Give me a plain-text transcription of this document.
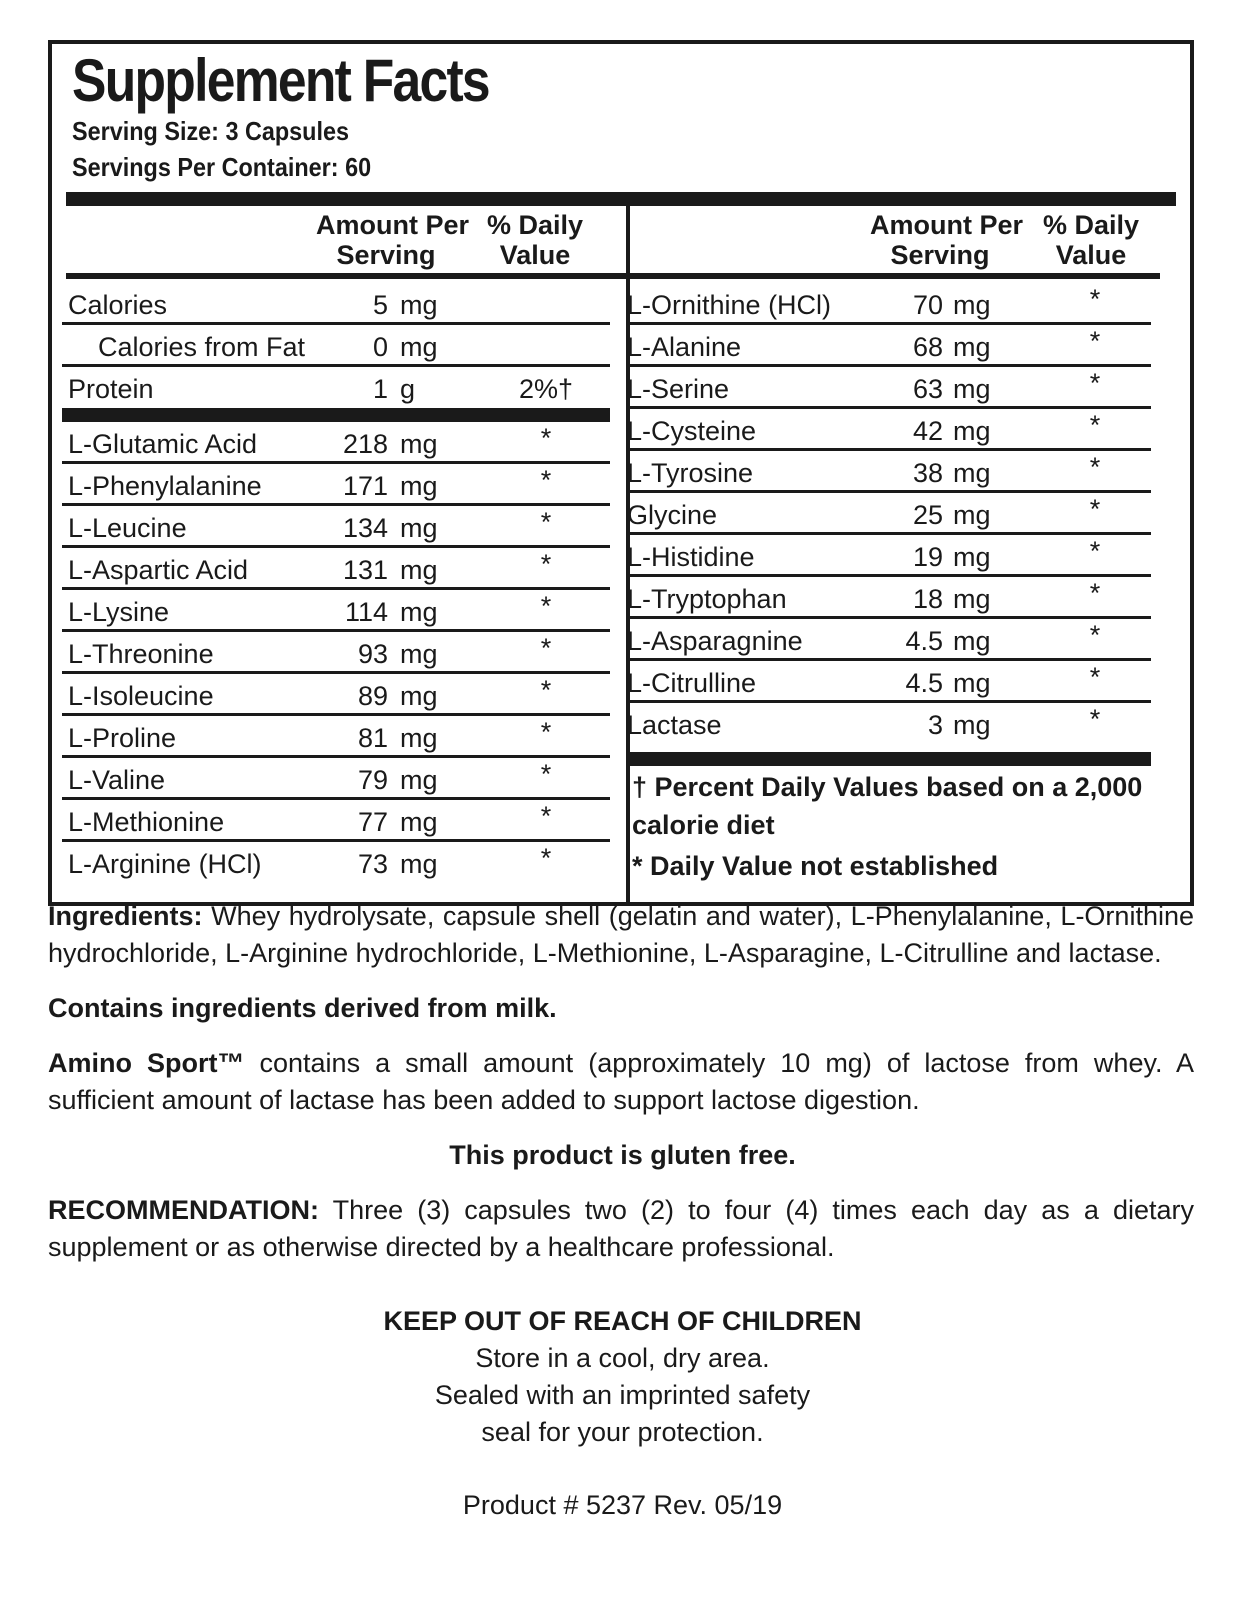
Supplement Facts
Serving Size: 3 Capsules
Servings Per Container: 60
Amount Per
Serving
% Daily
Value
Amount Per
Serving
% Daily
Value
Calories	5 mg
Calories from Fat	0 mg
Protein	1 g	2%†
L-Glutamic Acid	218 mg	*
L-Phenylalanine	171 mg	*
L-Leucine	134 mg	*
L-Aspartic Acid	131 mg	*
L-Lysine	114 mg	*
L-Threonine	93 mg	*
L-Isoleucine	89 mg	*
L-Proline	81 mg	*
L-Valine	79 mg	*
L-Methionine	77 mg	*
L-Arginine (HCl)	73 mg	*
L-Ornithine (HCl)	70 mg	*
L-Alanine	68 mg	*
L-Serine	63 mg	*
L-Cysteine	42 mg	*
L-Tyrosine	38 mg	*
Glycine	25 mg	*
L-Histidine	19 mg	*
L-Tryptophan	18 mg	*
L-Asparagnine	4.5 mg	*
L-Citrulline	4.5 mg	*
Lactase	3 mg	*
† Percent Daily Values based on a 2,000
calorie diet
* Daily Value not established
Ingredients: Whey hydrolysate, capsule shell (gelatin and water), L-Phenylalanine, L-Ornithine hydrochloride, L-Arginine hydrochloride, L-Methionine, L-Asparagine, L-Citrulline and lactase.
Contains ingredients derived from milk.
Amino Sport™ contains a small amount (approximately 10 mg) of lactose from whey. A sufficient amount of lactase has been added to support lactose digestion.
This product is gluten free.
RECOMMENDATION: Three (3) capsules two (2) to four (4) times each day as a dietary supplement or as otherwise directed by a healthcare professional.
KEEP OUT OF REACH OF CHILDREN
Store in a cool, dry area.
Sealed with an imprinted safety
seal for your protection.
Product # 5237 Rev. 05/19
